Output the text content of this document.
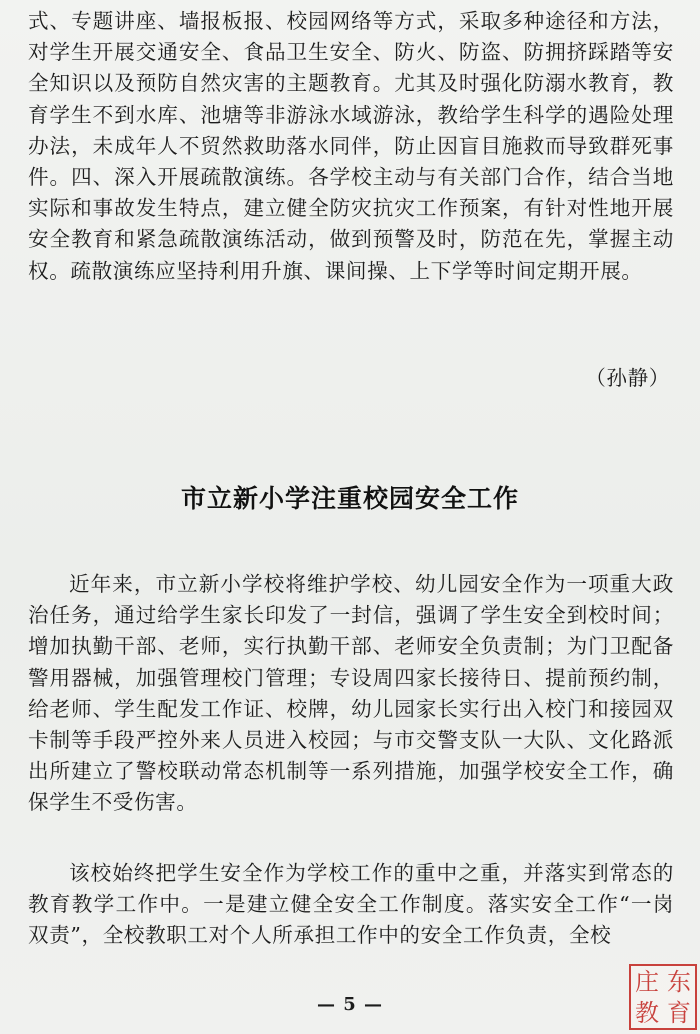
式、专题讲座、墙报板报、校园网络等方式，采取多种途径和方法，对学生开展交通安全、食品卫生安全、防火、防盗、防拥挤踩踏等安全知识以及预防自然灾害的主题教育。尤其及时强化防溺水教育，教育学生不到水库、池塘等非游泳水域游泳，教给学生科学的遇险处理办法，未成年人不贸然救助落水同伴，防止因盲目施救而导致群死事件。四、深入开展疏散演练。各学校主动与有关部门合作，结合当地实际和事故发生特点，建立健全防灾抗灾工作预案，有针对性地开展安全教育和紧急疏散演练活动，做到预警及时，防范在先，掌握主动权。疏散演练应坚持利用升旗、课间操、上下学等时间定期开展。

（孙静）
市立新小学注重校园安全工作

近年来，市立新小学校将维护学校、幼儿园安全作为一项重大政治任务，通过给学生家长印发了一封信，强调了学生安全到校时间；增加执勤干部、老师，实行执勤干部、老师安全负责制；为门卫配备警用器械，加强管理校门管理；专设周四家长接待日、提前预约制，给老师、学生配发工作证、校牌，幼儿园家长实行出入校门和接园双卡制等手段严控外来人员进入校园；与市交警支队一大队、文化路派出所建立了警校联动常态机制等一系列措施，加强学校安全工作，确保学生不受伤害。

该校始终把学生安全作为学校工作的重中之重，并落实到常态的教育教学工作中。一是建立健全安全工作制度。落实安全工作“一岗双责”，全校教职工对个人所承担工作中的安全工作负责，全校

— 5 —
庄 东
教 育
